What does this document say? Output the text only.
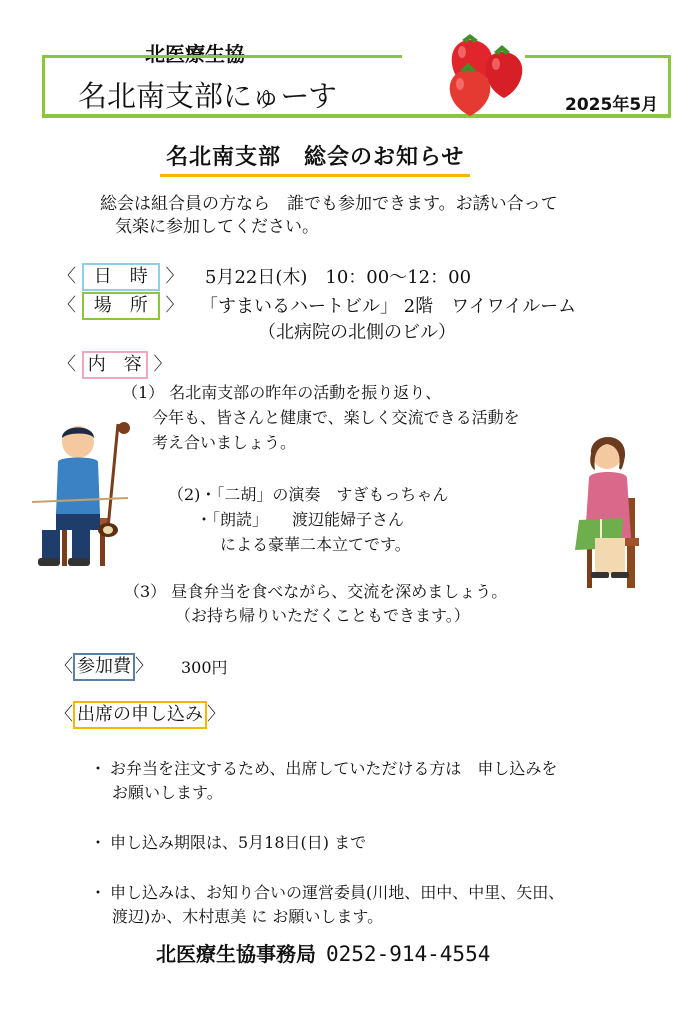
北医療生協
名北南支部にゅーす	2025年5月
名北南支部　総会のお知らせ
総会は組合員の方なら　誰でも参加できます。お誘い合って
気楽に参加してください。
〈 日　時 〉 5月22日(木)　10：00～12：00
〈 場　所 〉 「すまいるハートビル」 2階　ワイワイルーム
（北病院の北側のビル）
〈 内　容 〉
（1） 名北南支部の昨年の活動を振り返り、
今年も、皆さんと健康で、楽しく交流できる活動を
考え合いましょう。
（2)・「二胡」の演奏　すぎもっちゃん
・「朗読」　　渡辺能婦子さん
による豪華二本立てです。
（3） 昼食弁当を食べながら、交流を深めましょう。
（お持ち帰りいただくこともできます。）
〈 参加費 〉 300円
〈 出席の申し込み 〉
・ お弁当を注文するため、出席していただける方は　申し込みを
お願いします。
・ 申し込み期限は、5月18日(日) まで
・ 申し込みは、お知り合いの運営委員(川地、田中、中里、矢田、
渡辺)か、木村恵美 に お願いします。
北医療生協事務局 0252-914-4554
